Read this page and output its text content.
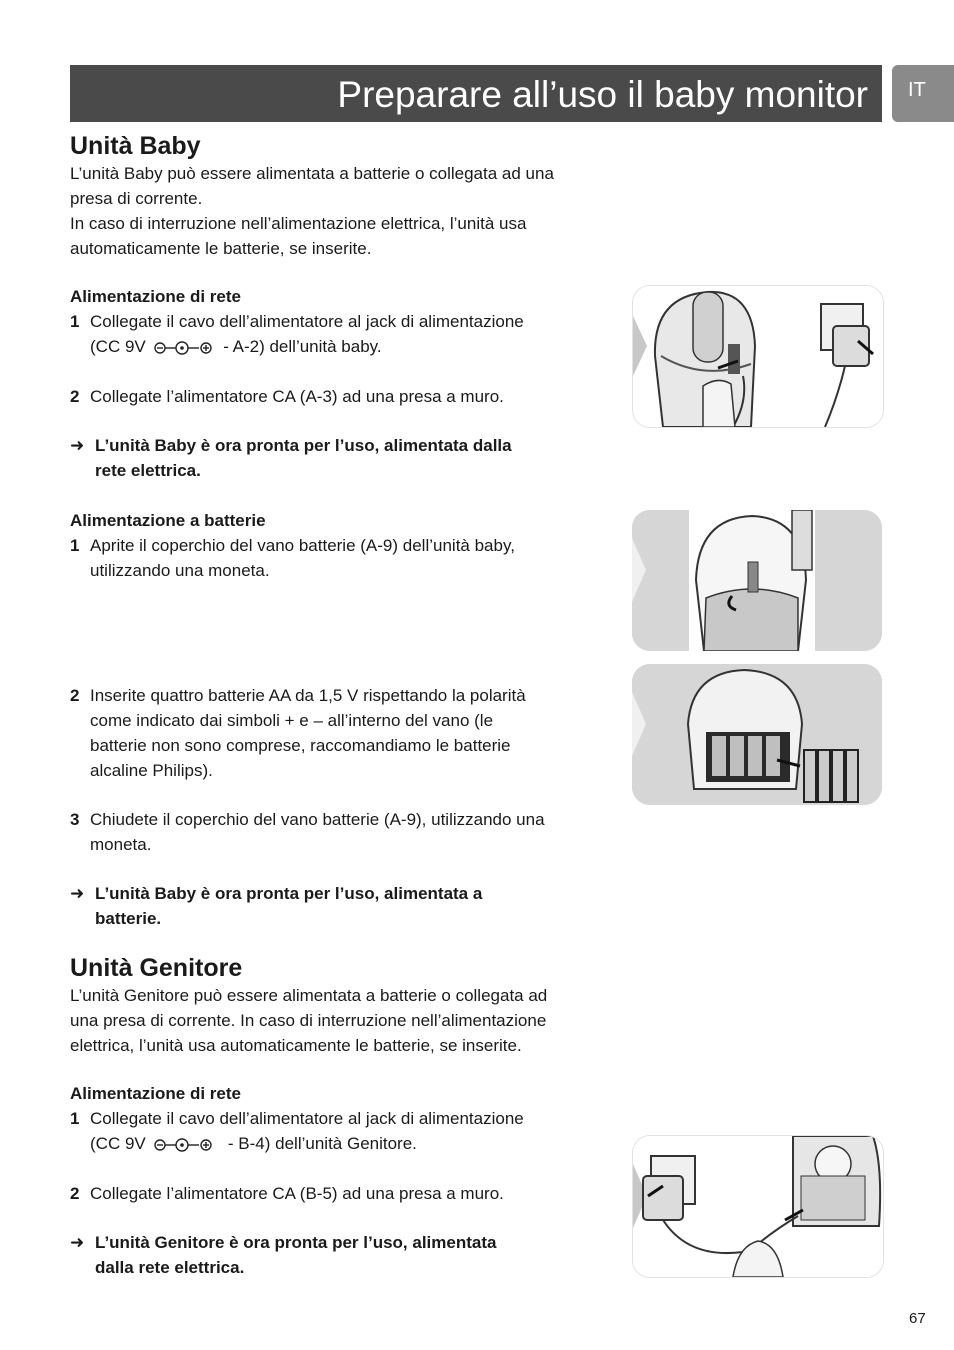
Preparare all’uso il baby monitor IT
Unità Baby

L’unità Baby può essere alimentata a batterie o collegata ad una

presa di corrente.

In caso di interruzione nell’alimentazione elettrica, l’unità usa

automaticamente le batterie, se inserite.

Alimentazione di rete

1 Collegate il cavo dell’alimentatore al jack di alimentazione
(CC 9V	- A-2) dell’unità baby.
2 Collegate l’alimentatore CA (A-3) ad una presa a muro.
➜ L’unità Baby è ora pronta per l’uso, alimentata dalla
rete elettrica.

Alimentazione a batterie

1 Aprite il coperchio del vano batterie (A-9) dell’unità baby,
utilizzando una moneta.
2 Inserite quattro batterie AA da 1,5 V rispettando la polarità
come indicato dai simboli + e – all’interno del vano (le
batterie non sono comprese, raccomandiamo le batterie
alcaline Philips).
3 Chiudete il coperchio del vano batterie (A-9), utilizzando una
moneta.
➜ L’unità Baby è ora pronta per l’uso, alimentata a
batterie.
Unità Genitore

L’unità Genitore può essere alimentata a batterie o collegata ad

una presa di corrente. In caso di interruzione nell’alimentazione

elettrica, l’unità usa automaticamente le batterie, se inserite.

Alimentazione di rete

1 Collegate il cavo dell’alimentatore al jack di alimentazione
(CC 9V	- B-4) dell’unità Genitore.
2 Collegate l’alimentatore CA (B-5) ad una presa a muro.
➜ L’unità Genitore è ora pronta per l’uso, alimentata
dalla rete elettrica.
67
